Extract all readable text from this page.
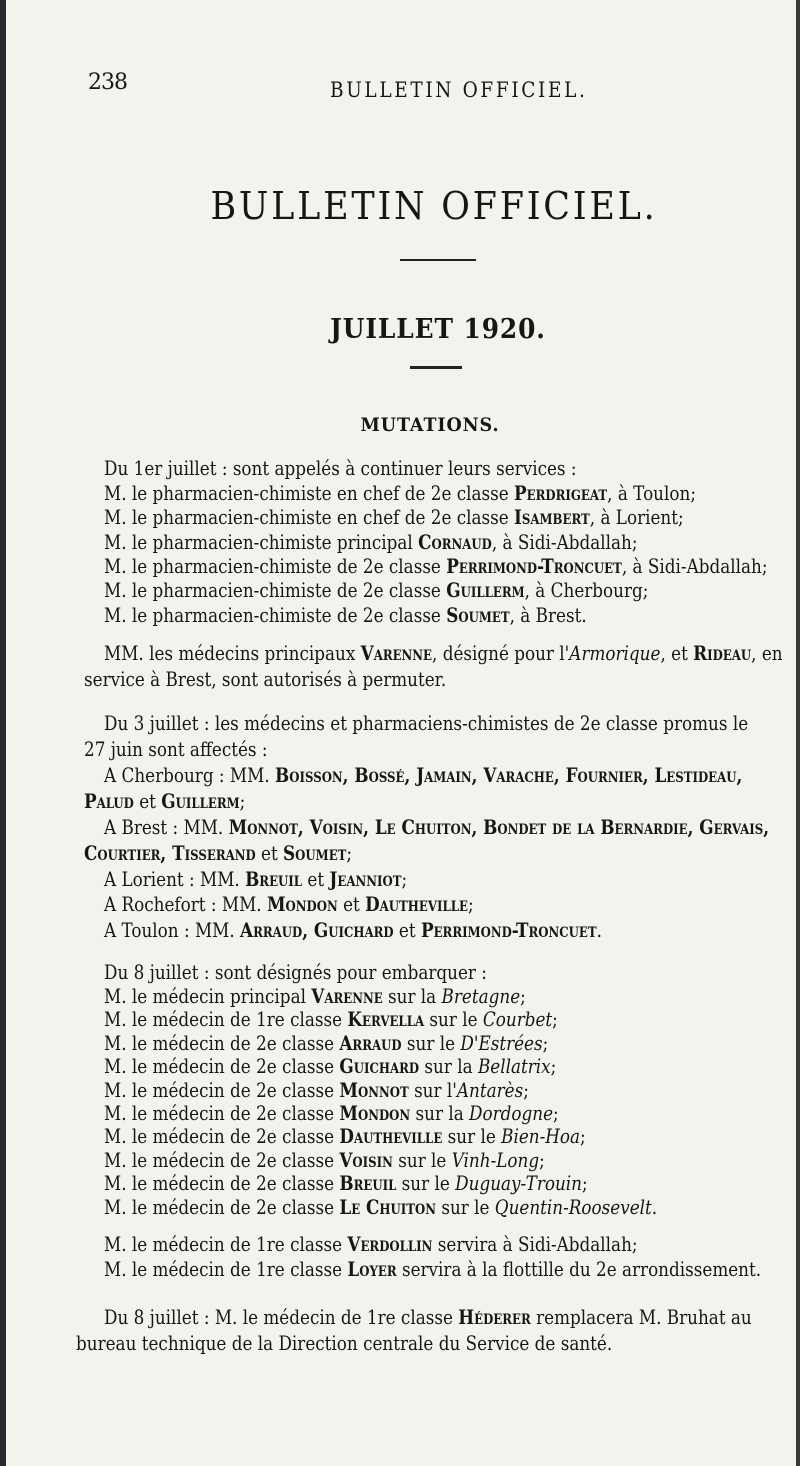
238	BULLETIN OFFICIEL.
BULLETIN OFFICIEL.
JUILLET 1920.
MUTATIONS.
Du 1er juillet : sont appelés à continuer leurs services :
M. le pharmacien-chimiste en chef de 2e classe Perdrigeat, à Toulon;
M. le pharmacien-chimiste en chef de 2e classe Isambert, à Lorient;
M. le pharmacien-chimiste principal Cornaud, à Sidi-Abdallah;
M. le pharmacien-chimiste de 2e classe Perrimond-Troncuet, à Sidi-Abdallah;
M. le pharmacien-chimiste de 2e classe Guillerm, à Cherbourg;
M. le pharmacien-chimiste de 2e classe Soumet, à Brest.
MM. les médecins principaux Varenne, désigné pour l'Armorique, et Rideau, en
service à Brest, sont autorisés à permuter.
Du 3 juillet : les médecins et pharmaciens-chimistes de 2e classe promus le
27 juin sont affectés :
A Cherbourg : MM. Boisson, Bossé, Jamain, Varache, Fournier, Lestideau,
Palud et Guillerm;
A Brest : MM. Monnot, Voisin, Le Chuiton, Bondet de la Bernardie, Gervais,
Courtier, Tisserand et Soumet;
A Lorient : MM. Breuil et Jeanniot;
A Rochefort : MM. Mondon et Dautheville;
A Toulon : MM. Arraud, Guichard et Perrimond-Troncuet.
Du 8 juillet : sont désignés pour embarquer :
M. le médecin principal Varenne sur la Bretagne;
M. le médecin de 1re classe Kervella sur le Courbet;
M. le médecin de 2e classe Arraud sur le D'Estrées;
M. le médecin de 2e classe Guichard sur la Bellatrix;
M. le médecin de 2e classe Monnot sur l'Antarès;
M. le médecin de 2e classe Mondon sur la Dordogne;
M. le médecin de 2e classe Dautheville sur le Bien-Hoa;
M. le médecin de 2e classe Voisin sur le Vinh-Long;
M. le médecin de 2e classe Breuil sur le Duguay-Trouin;
M. le médecin de 2e classe Le Chuiton sur le Quentin-Roosevelt.
M. le médecin de 1re classe Verdollin servira à Sidi-Abdallah;
M. le médecin de 1re classe Loyer servira à la flottille du 2e arrondissement.
Du 8 juillet : M. le médecin de 1re classe Héderer remplacera M. Bruhat au
bureau technique de la Direction centrale du Service de santé.
